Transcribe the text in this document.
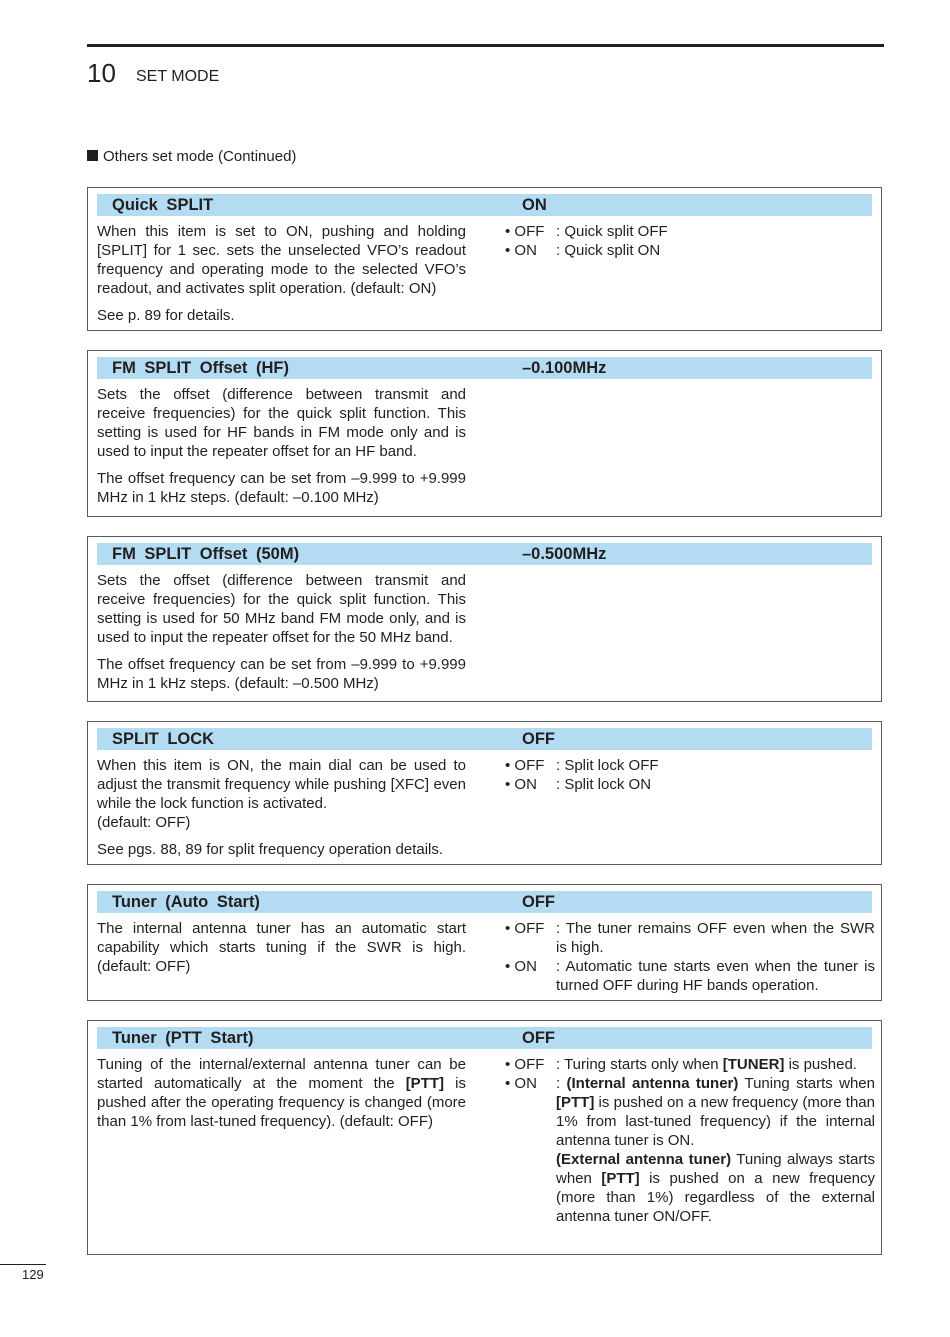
10 SET MODE
Others set mode (Continued)
Quick SPLIT	ON

When this item is set to ON, pushing and holding [SPLIT] for 1 sec. sets the unselected VFO’s readout frequency and operating mode to the selected VFO’s readout, and activates split operation. (default: ON)

See p. 89 for details.

• OFF : Quick split OFF
• ON	: Quick split ON
FM SPLIT Offset (HF)	–0.100MHz

Sets the offset (difference between transmit and receive frequencies) for the quick split function. This setting is used for HF bands in FM mode only and is used to input the repeater offset for an HF band.

The offset frequency can be set from –9.999 to +9.999 MHz in 1 kHz steps. (default: –0.100 MHz)

FM SPLIT Offset (50M)	–0.500MHz

Sets the offset (difference between transmit and receive frequencies) for the quick split function. This setting is used for 50 MHz band FM mode only, and is used to input the repeater offset for the 50 MHz band.

The offset frequency can be set from –9.999 to +9.999 MHz in 1 kHz steps. (default: –0.500 MHz)

SPLIT LOCK	OFF

When this item is ON, the main dial can be used to adjust the transmit frequency while pushing [XFC] even while the lock function is activated.

(default: OFF)

See pgs. 88, 89 for split frequency operation details.

• OFF : Split lock OFF
• ON	: Split lock ON
Tuner (Auto Start)	OFF

The internal antenna tuner has an automatic start capability which starts tuning if the SWR is high. (default: OFF)

• OFF : The tuner remains OFF even when the SWR is high.
• ON	: Automatic tune starts even when the tuner is turned OFF during HF bands operation.
Tuner (PTT Start)	OFF

Tuning of the internal/external antenna tuner can be started automatically at the moment the [PTT] is pushed after the operating frequency is changed (more than 1% from last-tuned frequency). (default: OFF)

• OFF : Turing starts only when [TUNER] is pushed.
• ON	: (Internal antenna tuner) Tuning starts when [PTT] is pushed on a new frequency (more than 1% from last-tuned frequency) if the internal antenna tuner is ON.

(External antenna tuner) Tuning always starts when [PTT] is pushed on a new frequency (more than 1%) regardless of the external antenna tuner ON/OFF.

129
